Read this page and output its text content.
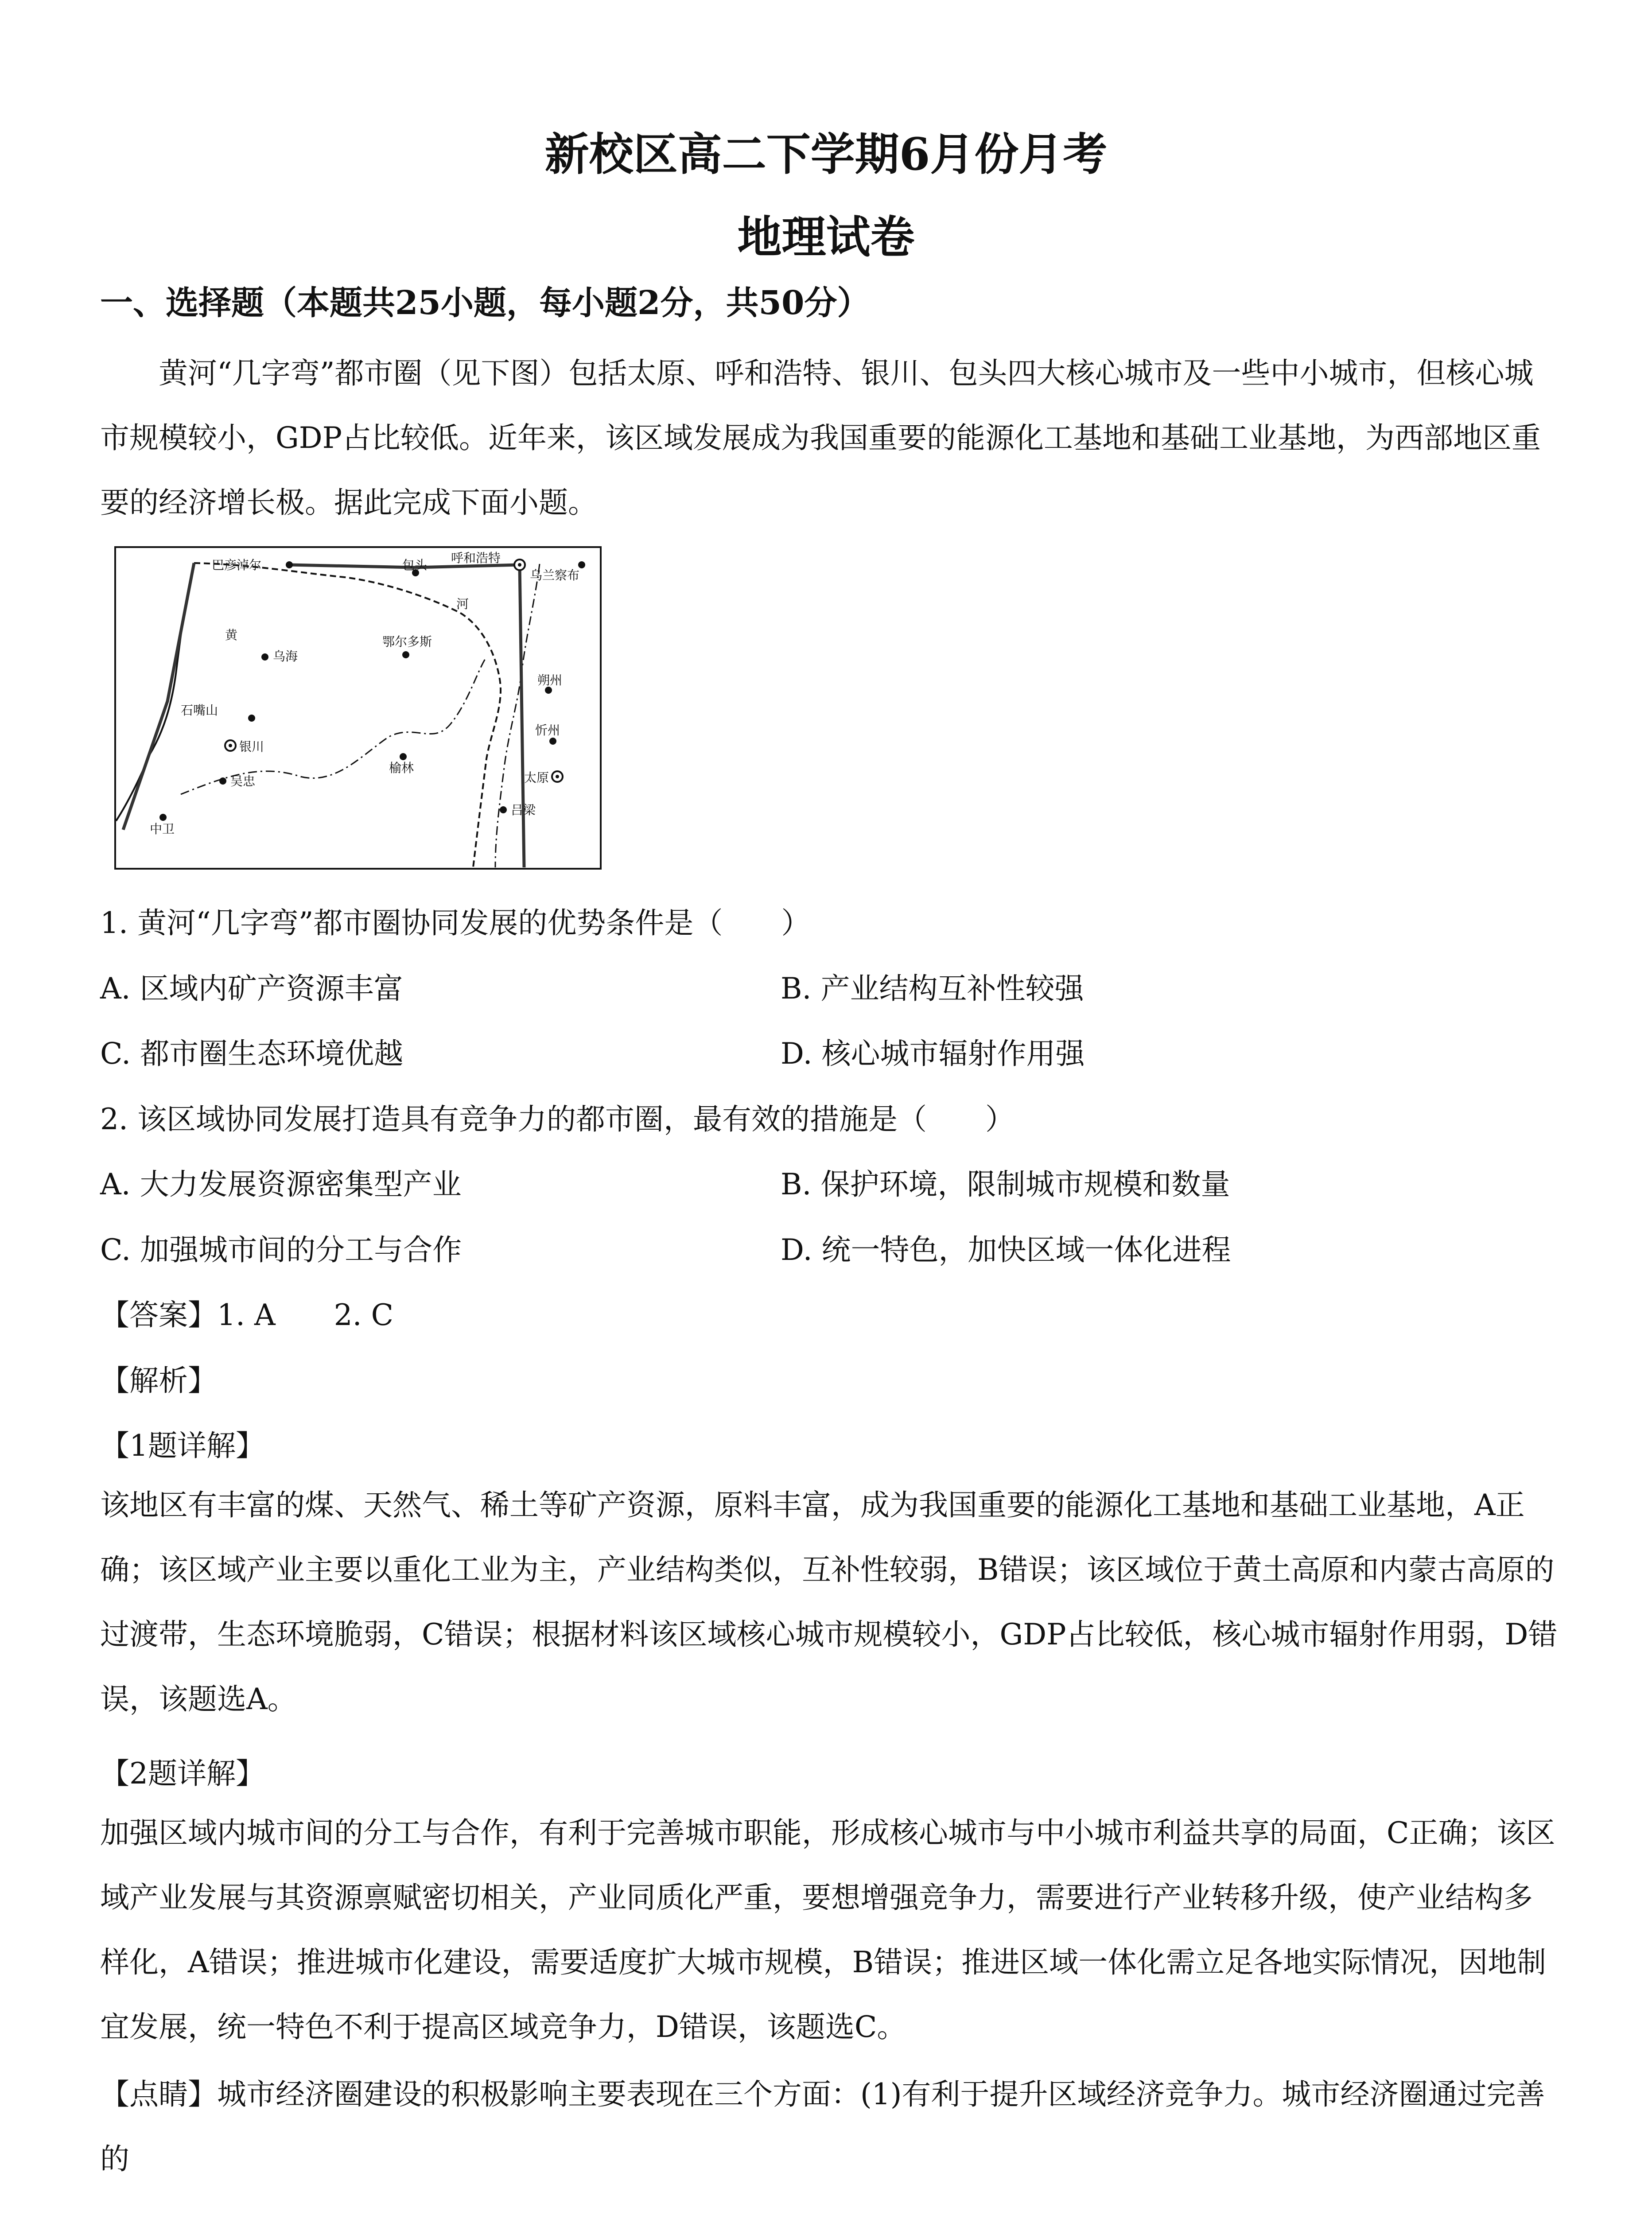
新校区高二下学期6月份月考
地理试卷
一、选择题（本题共25小题，每小题2分，共50分）
黄河“几字弯”都市圈（见下图）包括太原、呼和浩特、银川、包头四大核心城市及一些中小城市，但核心城市规模较小，GDP占比较低。近年来，该区域发展成为我国重要的能源化工基地和基础工业基地，为西部地区重要的经济增长极。据此完成下面小题。
巴彦淖尔	包头 呼和浩特
乌兰察布
河
黄
乌海
鄂尔多斯
朔州
石嘴山
忻州
银川
榆林
太原
吴忠
吕梁
中卫
1. 黄河“几字弯”都市圈协同发展的优势条件是（　　）
A. 区域内矿产资源丰富	B. 产业结构互补性较强
C. 都市圈生态环境优越	D. 核心城市辐射作用强
2. 该区域协同发展打造具有竞争力的都市圈，最有效的措施是（　　）
A. 大力发展资源密集型产业	B. 保护环境，限制城市规模和数量
C. 加强城市间的分工与合作	D. 统一特色，加快区域一体化进程
【答案】1. A　　2. C
【解析】
【1题详解】
该地区有丰富的煤、天然气、稀土等矿产资源，原料丰富，成为我国重要的能源化工基地和基础工业基地，A正确；该区域产业主要以重化工业为主，产业结构类似，互补性较弱，B错误；该区域位于黄土高原和内蒙古高原的过渡带，生态环境脆弱，C错误；根据材料该区域核心城市规模较小，GDP占比较低，核心城市辐射作用弱，D错误，该题选A。
【2题详解】
加强区域内城市间的分工与合作，有利于完善城市职能，形成核心城市与中小城市利益共享的局面，C正确；该区域产业发展与其资源禀赋密切相关，产业同质化严重，要想增强竞争力，需要进行产业转移升级，使产业结构多样化，A错误；推进城市化建设，需要适度扩大城市规模，B错误；推进区域一体化需立足各地实际情况，因地制宜发展，统一特色不利于提高区域竞争力，D错误，该题选C。
【点睛】城市经济圈建设的积极影响主要表现在三个方面：(1)有利于提升区域经济竞争力。城市经济圈通过完善的
